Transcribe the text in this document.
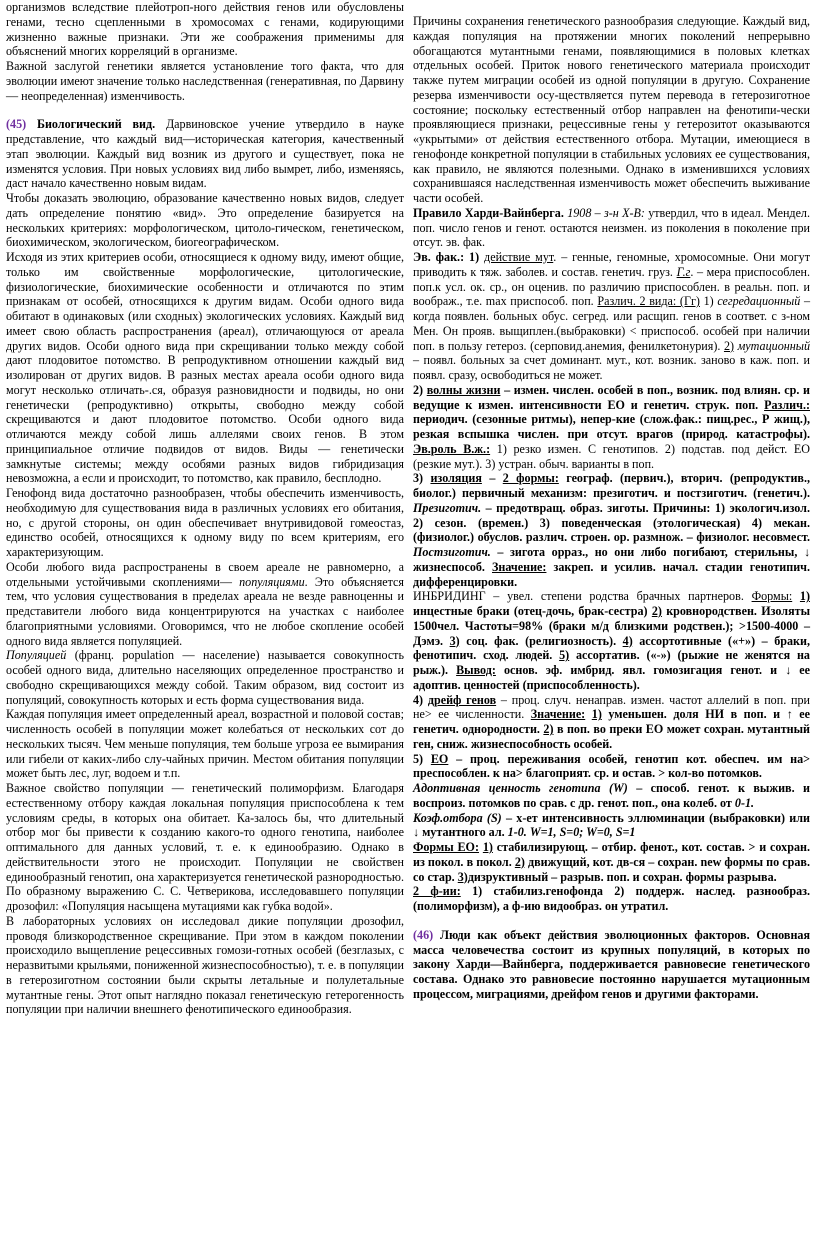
организмов вследствие плейотроп-ного действия генов или обусловлены генами, тесно сцепленными в хромосомах с генами, кодирующими жизненно важные признаки. Эти же соображения применимы для объяснений многих корреляций в организме.

Важной заслугой генетики является установление того факта, что для эволюции имеют значение только наследственная (генеративная, по Дарвину — неопределенная) изменчивость.

(45) Биологический вид. Дарвиновское учение утвердило в науке представление, что каждый вид—историческая категория, качественный этап эволюции. Каждый вид возник из другого и существует, пока не изменятся условия. При новых условиях вид либо вымрет, либо, изменяясь, даст начало качественно новым видам.

Чтобы доказать эволюцию, образование качественно новых видов, следует дать определение понятию «вид». Это определение базируется на нескольких критериях: морфологическом, цитоло-гическом, генетическом, биохимическом, экологическом, биогеографическом.

Исходя из этих критериев особи, относящиеся к одному виду, имеют общие, только им свойственные морфологические, цитологические, физиологические, биохимические особенности и отличаются по этим признакам от особей, относящихся к другим видам. Особи одного вида обитают в одинаковых (или сходных) экологических условиях. Каждый вид имеет свою область распространения (ареал), отличающуюся от ареала других видов. Особи одного вида при скрещивании только между собой дают плодовитое потомство. В репродуктивном отношении каждый вид изолирован от других видов. В разных местах ареала особи одного вида могут несколько отличать-.ся, образуя разновидности и подвиды, но они генетически (репродуктивно) открыты, свободно между собой скрещиваются и дают плодовитое потомство. Особи одного вида отличаются между собой лишь аллелями своих генов. В этом принципиальное отличие подвидов от видов. Виды — генетически замкнутые системы; между особями разных видов гибридизация невозможна, а если и происходит, то потомство, как правило, бесплодно.

Генофонд вида достаточно разнообразен, чтобы обеспечить изменчивость, необходимую для существования вида в различных условиях его обитания, но, с другой стороны, он один обеспечивает внутривидовой гомеостаз, единство особей, относящихся к одному виду по всем критериям, его характеризующим.

Особи любого вида распространены в своем ареале не равномерно, а отдельными устойчивыми скоплениями— популяциями. Это объясняется тем, что условия существования в пределах ареала не везде равноценны и представители любого вида концентрируются на участках с наиболее благоприятными условиями. Оговоримся, что не любое скопление особей одного вида является популяцией.

Популяцией (франц. population — население) называется совокупность особей одного вида, длительно населяющих определенное пространство и свободно скрещивающихся между собой. Таким образом, вид состоит из популяций, совокупность которых и есть форма существования вида.

Каждая популяция имеет определенный ареал, возрастной и половой состав; численность особей в популяции может колебаться от нескольких сот до нескольких тысяч. Чем меньше популяция, тем больше угроза ее вымирания или гибели от каких-либо слу-чайных причин. Местом обитания популяции может быть лес, луг, водоем и т.п.

Важное свойство популяции — генетический полиморфизм. Благодаря естественному отбору каждая локальная популяция приспособлена к тем условиям среды, в которых она обитает. Ка-залось бы, что длительный отбор мог бы привести к созданию какого-то одного генотипа, наиболее оптимального для данных условий, т. е. к единообразию. Однако в действительности этого не происходит. Популяции не свойствен единообразный генотип, она характеризуется генетической разнородностью. По образному выражению С. С. Четверикова, исследовавшего популяции дрозофил: «Популяция насыщена мутациями как губка водой».

В лабораторных условиях он исследовал дикие популяции дрозофил, проводя близкородственное скрещивание. При этом в каждом поколении происходило выщепление рецессивных гомози-готных особей (безглазых, с неразвитыми крыльями, пониженной жизнеспособностью), т. е. в популяции в гетерозиготном состоянии были скрыты летальные и полулетальные мутантные гены. Этот опыт наглядно показал генетическую гетерогенность популяции при наличии внешнего фенотипического единообразия.

Причины сохранения генетического разнообразия следующие. Каждый вид, каждая популяция на протяжении многих поколений непрерывно обогащаются мутантными генами, появляющимися в половых клетках отдельных особей. Приток нового генетического материала происходит также путем миграции особей из одной популяции в другую. Сохранение резерва изменчивости осу-ществляется путем перевода в гетерозиготное состояние; поскольку естественный отбор направлен на фенотипи-чески проявляющиеся признаки, рецессивные гены у гетерозитот оказываются «укрытыми» от действия естественного отбора. Мутации, имеющиеся в генофонде конкретной популяции в стабильных условиях ее существования, как правило, не являются полезными. Однако в изменившихся условиях сохранившаяся наследственная изменчивость может обеспечить выживание части особей.

Правило Харди-Вайнберга. 1908 – з-н Х-В: утвердил, что в идеал. Мендел. поп. число генов и генот. остаются неизмен. из поколения в поколение при отсут. эв. фак.

Эв. фак.: 1) действие мут. – генные, геномные, хромосомные. Они могут приводить к тяж. заболев. и состав. генетич. груз. Г.г. – мера приспособлен. поп.к усл. ок. ср., он оценив. по различию приспособлен. в реальн. поп. и воображ., т.е. max приспособ. поп. Различ. 2 вида: (Гг) 1) сегредационный – когда появлен. больных обус. сегред. или расщип. генов в соответ. с з-ном Мен. Он прояв. выщиплен.(выбраковки) < приспособ. особей при наличии поп. в пользу гетероз. (серповид.анемия, фенилкетонурия). 2) мутационный – появл. больных за счет доминант. мут., кот. возник. заново в каж. поп. и появл. сразу, освободиться не может.

2) волны жизни – измен. числен. особей в поп., возник. под влиян. ср. и ведущие к измен. интенсивности ЕО и генетич. струк. поп. Различ.: периодич. (сезонные ритмы), непер-кие (слож.фак.: пищ.рес., Р жищ.), резкая вспышка числен. при отсут. врагов (природ. катастрофы). Эв.роль В.ж.: 1) резко измен. С генотипов. 2) подстав. под дейст. ЕО (резкие мут.). 3) устран. обыч. варианты в поп.

3) изоляция – 2 формы: географ. (первич.), вторич. (репродуктив., биолог.) первичный механизм: презиготич. и постзиготич. (генетич.). Презиготич. – предотвращ. образ. зиготы. Причины: 1) экологич.изол. 2) сезон. (времен.) 3) поведенческая (этологическая) 4) мекан. (физиолог.) обуслов. различ. строен. ор. размнож. – физиолог. несовмест. Постзиготич. – зигота орраз., но они либо погибают, стерильны, ↓ жизнеспособ. Значение: закреп. и усилив. начал. стадии генотипич. дифференцировки.

ИНБРИДИНГ – увел. степени родства брачных партнеров. Формы: 1) инцестные браки (отец-дочь, брак-сестра) 2) кровнородствен. Изоляты 1500чел. Частоты=98% (браки м/д близкими родствен.); >1500-4000 – Дэмэ. 3) соц. фак. (религиозность). 4) ассортотивные («+») – браки, фенотипич. сход. людей. 5) ассортатив. («-») (рыжие не женятся на рыж.). Вывод: основ. эф. имбрид. явл. гомозигация генот. и ↓ ее адоптив. ценностей (приспособленность).

4) дрейф генов – проц. случ. ненаправ. измен. частот аллелий в поп. при не> ее численности. Значение: 1) уменьшен. доля НИ в поп. и ↑ ее генетич. однородности. 2) в поп. во преки ЕО может сохран. мутантный ген, сниж. жизнеспособность особей.

5) ЕО – проц. переживания особей, генотип кот. обеспеч. им на> преспособлен. к на> благоприят. ср. и остав. > кол-во потомков.

Адоптивная ценность генотипа (W) – способ. генот. к выжив. и воспроиз. потомков по срав. с др. генот. поп., она колеб. от 0-1.

Коэф.отбора (S) – х-ет интенсивность эллюминации (выбраковки) или ↓ мутантного ал. 1-0. W=1, S=0; W=0, S=1

Формы ЕО: 1) стабилизирующ. – отбир. фенот., кот. состав. > и сохран. из покол. в покол. 2) движущий, кот. дв-ся – сохран. new формы по срав. со стар. 3)дизруктивный – разрыв. поп. и сохран. формы разрыва.

2 ф-ии: 1) стабилиз.генофонда 2) поддерж. наслед. разнообраз. (полиморфизм), а ф-ию видообраз. он утратил.

(46) Люди как объект действия эволюционных факторов. Основная масса человечества состоит из крупных популяций, в которых по закону Харди—Вайнберга, поддерживается равновесие генетического состава. Однако это равновесие постоянно нарушается мутационным процессом, миграциями, дрейфом генов и другими факторами.
